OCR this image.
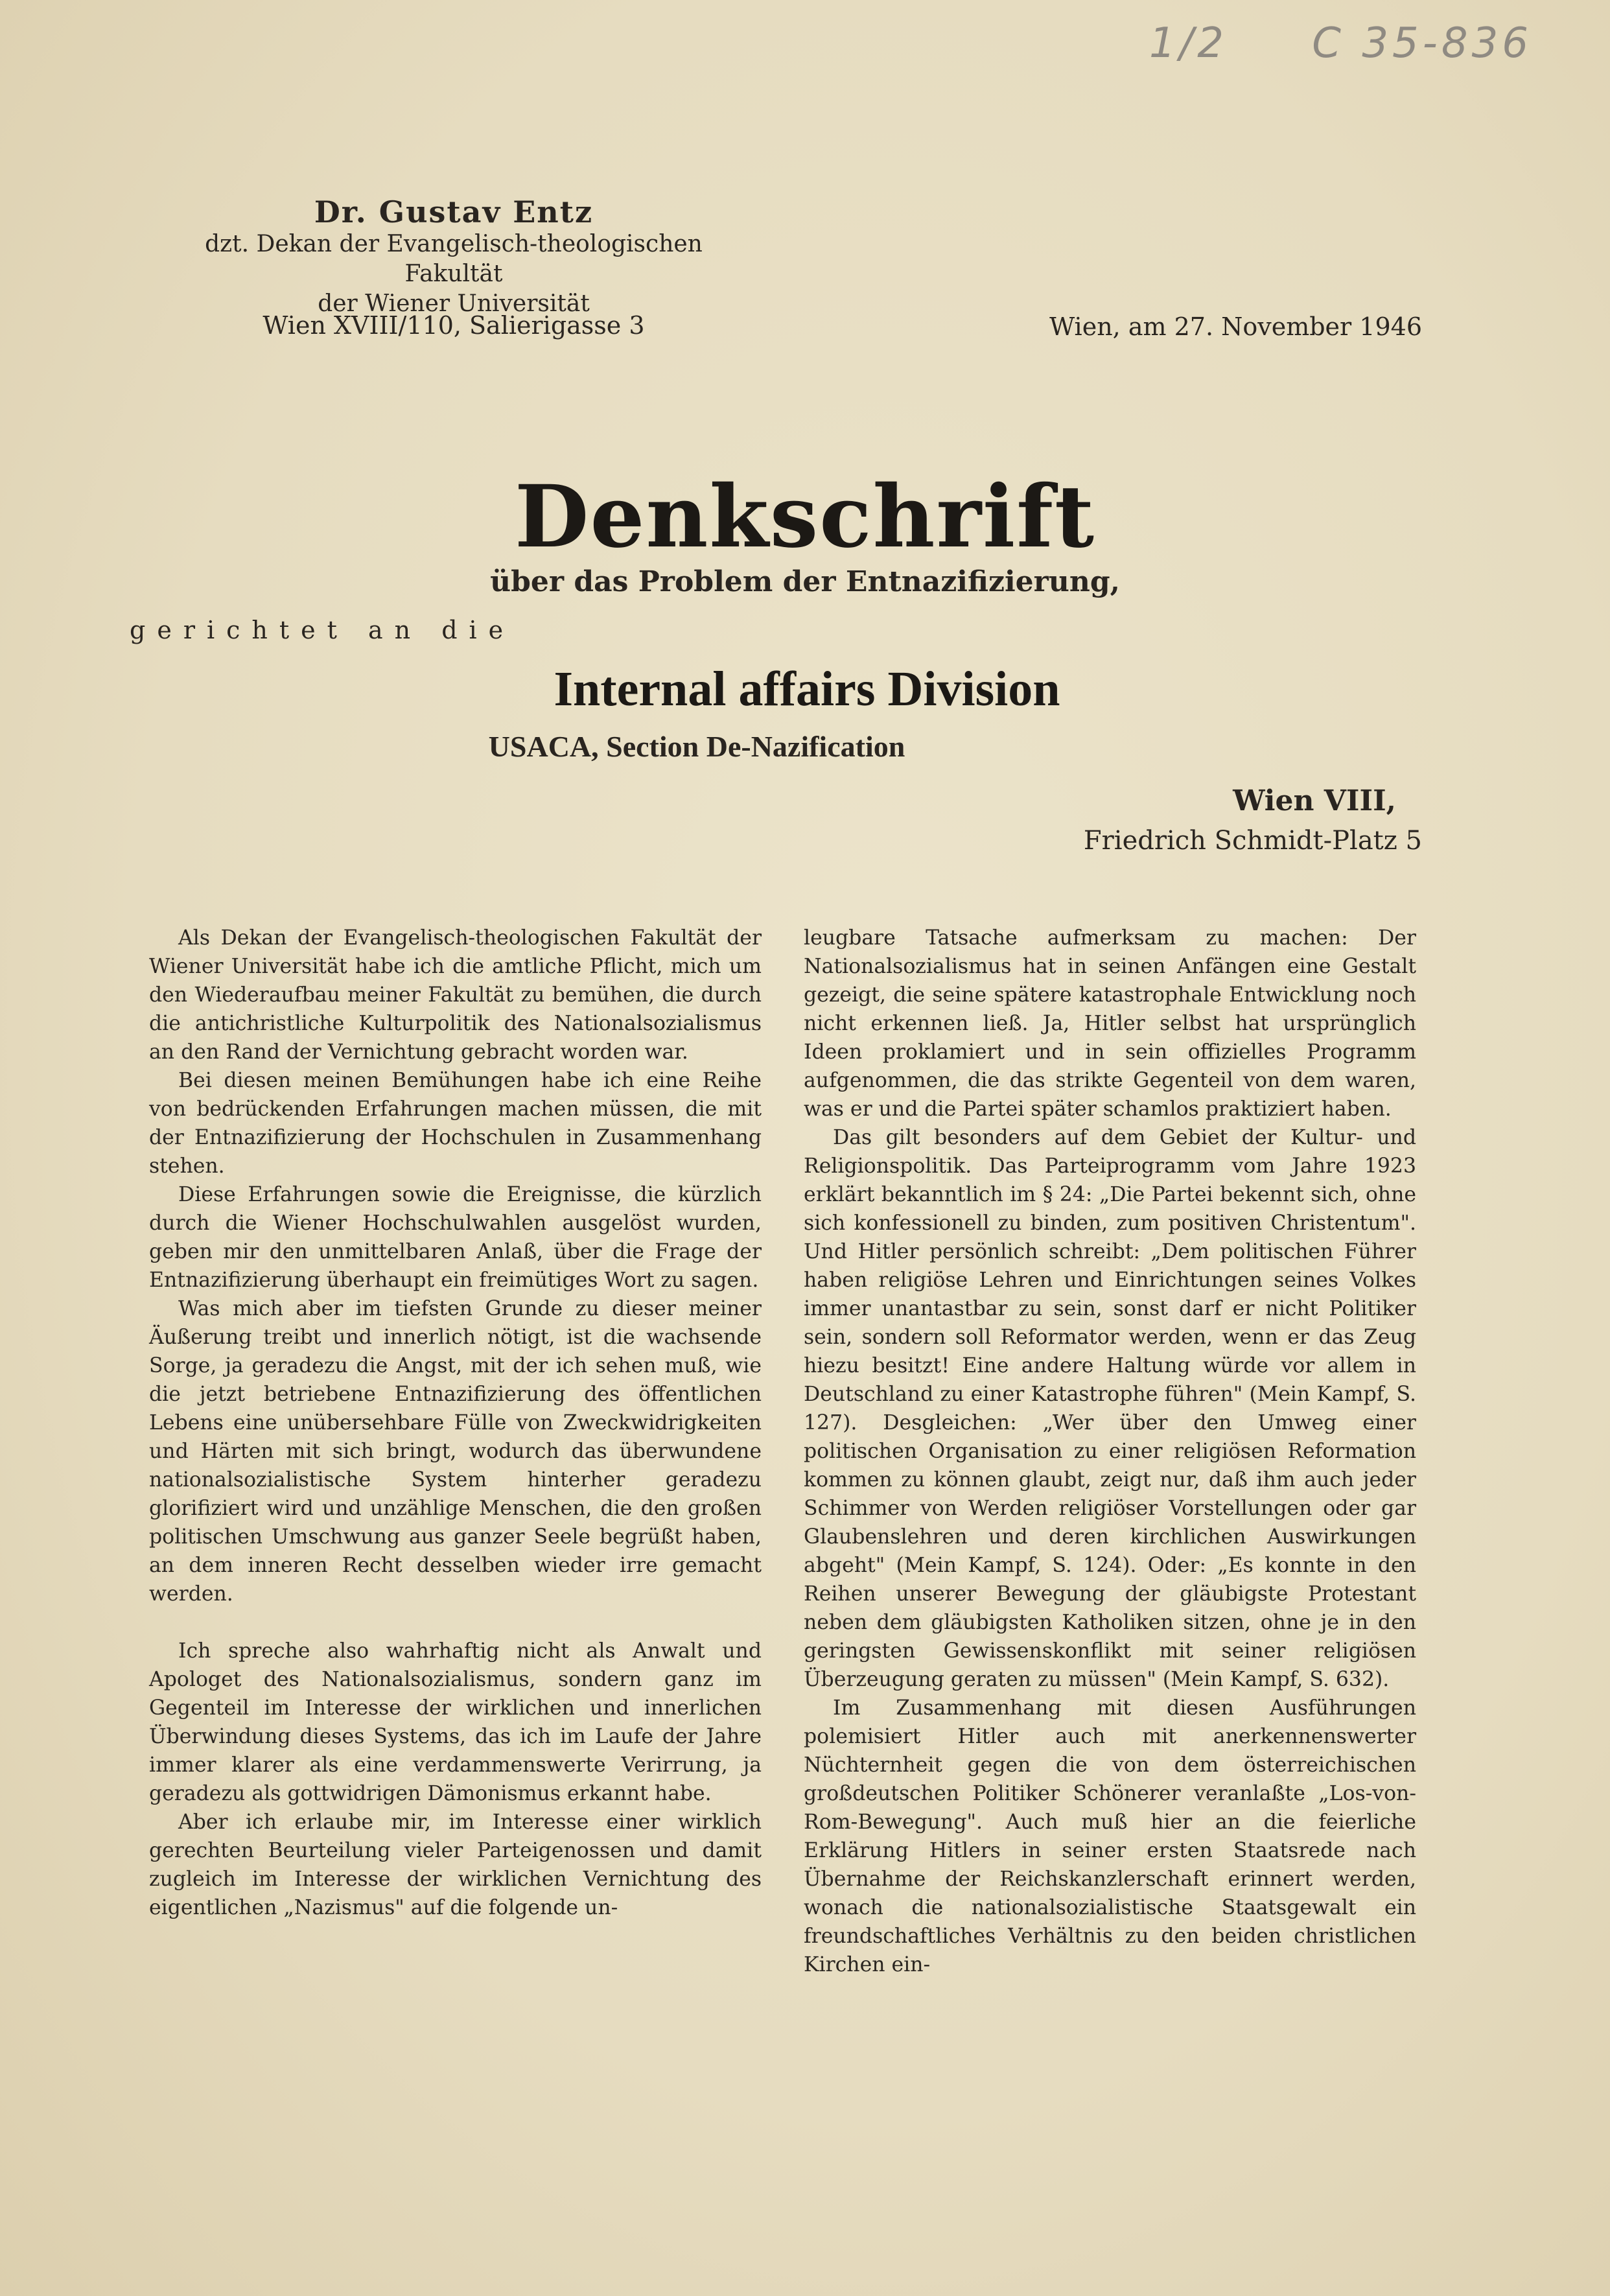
1/2 C 35-836
Dr. Gustav Entz
dzt. Dekan der Evangelisch-theologischen Fakultät
der Wiener Universität
Wien XVIII/110, Salierigasse 3	Wien, am 27. November 1946
Denkschrift
über das Problem der Entnazifizierung,
gerichtet an die
Internal affairs Division
USACA, Section De-Nazification
Wien VIII,
Friedrich Schmidt-Platz 5

Als Dekan der Evangelisch-theologischen Fakultät der Wiener Universität habe ich die amtliche Pflicht, mich um den Wiederaufbau meiner Fakultät zu bemühen, die durch die antichristliche Kulturpolitik des Nationalsozialismus an den Rand der Vernichtung gebracht worden war.

Bei diesen meinen Bemühungen habe ich eine Reihe von bedrückenden Erfahrungen machen müssen, die mit der Entnazifizierung der Hochschulen in Zusammenhang stehen.

Diese Erfahrungen sowie die Ereignisse, die kürzlich durch die Wiener Hochschulwahlen ausgelöst wurden, geben mir den unmittelbaren Anlaß, über die Frage der Entnazifizierung überhaupt ein freimütiges Wort zu sagen.

Was mich aber im tiefsten Grunde zu dieser meiner Äußerung treibt und innerlich nötigt, ist die wachsende Sorge, ja geradezu die Angst, mit der ich sehen muß, wie die jetzt betriebene Entnazifizierung des öffentlichen Lebens eine unübersehbare Fülle von Zweckwidrigkeiten und Härten mit sich bringt, wodurch das überwundene nationalsozialistische System hinterher geradezu glorifiziert wird und unzählige Menschen, die den großen politischen Umschwung aus ganzer Seele begrüßt haben, an dem inneren Recht desselben wieder irre gemacht werden.

Ich spreche also wahrhaftig nicht als Anwalt und Apologet des Nationalsozialismus, sondern ganz im Gegenteil im Interesse der wirklichen und innerlichen Überwindung dieses Systems, das ich im Laufe der Jahre immer klarer als eine verdammenswerte Verirrung, ja geradezu als gottwidrigen Dämonismus erkannt habe.

Aber ich erlaube mir, im Interesse einer wirklich gerechten Beurteilung vieler Parteigenossen und damit zugleich im Interesse der wirklichen Vernichtung des eigentlichen „Nazismus" auf die folgende un-

leugbare Tatsache aufmerksam zu machen: Der Nationalsozialismus hat in seinen Anfängen eine Gestalt gezeigt, die seine spätere katastrophale Entwicklung noch nicht erkennen ließ. Ja, Hitler selbst hat ursprünglich Ideen proklamiert und in sein offizielles Programm aufgenommen, die das strikte Gegenteil von dem waren, was er und die Partei später schamlos praktiziert haben.

Das gilt besonders auf dem Gebiet der Kultur- und Religionspolitik. Das Parteiprogramm vom Jahre 1923 erklärt bekanntlich im § 24: „Die Partei bekennt sich, ohne sich konfessionell zu binden, zum positiven Christentum". Und Hitler persönlich schreibt: „Dem politischen Führer haben religiöse Lehren und Einrichtungen seines Volkes immer unantastbar zu sein, sonst darf er nicht Politiker sein, sondern soll Reformator werden, wenn er das Zeug hiezu besitzt! Eine andere Haltung würde vor allem in Deutschland zu einer Katastrophe führen" (Mein Kampf, S. 127). Desgleichen: „Wer über den Umweg einer politischen Organisation zu einer religiösen Reformation kommen zu können glaubt, zeigt nur, daß ihm auch jeder Schimmer von Werden religiöser Vorstellungen oder gar Glaubenslehren und deren kirchlichen Auswirkungen abgeht" (Mein Kampf, S. 124). Oder: „Es konnte in den Reihen unserer Bewegung der gläubigste Protestant neben dem gläubigsten Katholiken sitzen, ohne je in den geringsten Gewissenskonflikt mit seiner religiösen Überzeugung geraten zu müssen" (Mein Kampf, S. 632).

Im Zusammenhang mit diesen Ausführungen polemisiert Hitler auch mit anerkennenswerter Nüchternheit gegen die von dem österreichischen großdeutschen Politiker Schönerer veranlaßte „Los-von-Rom-Bewegung". Auch muß hier an die feierliche Erklärung Hitlers in seiner ersten Staatsrede nach Übernahme der Reichskanzlerschaft erinnert werden, wonach die nationalsozialistische Staatsgewalt ein freundschaftliches Verhältnis zu den beiden christlichen Kirchen ein-
